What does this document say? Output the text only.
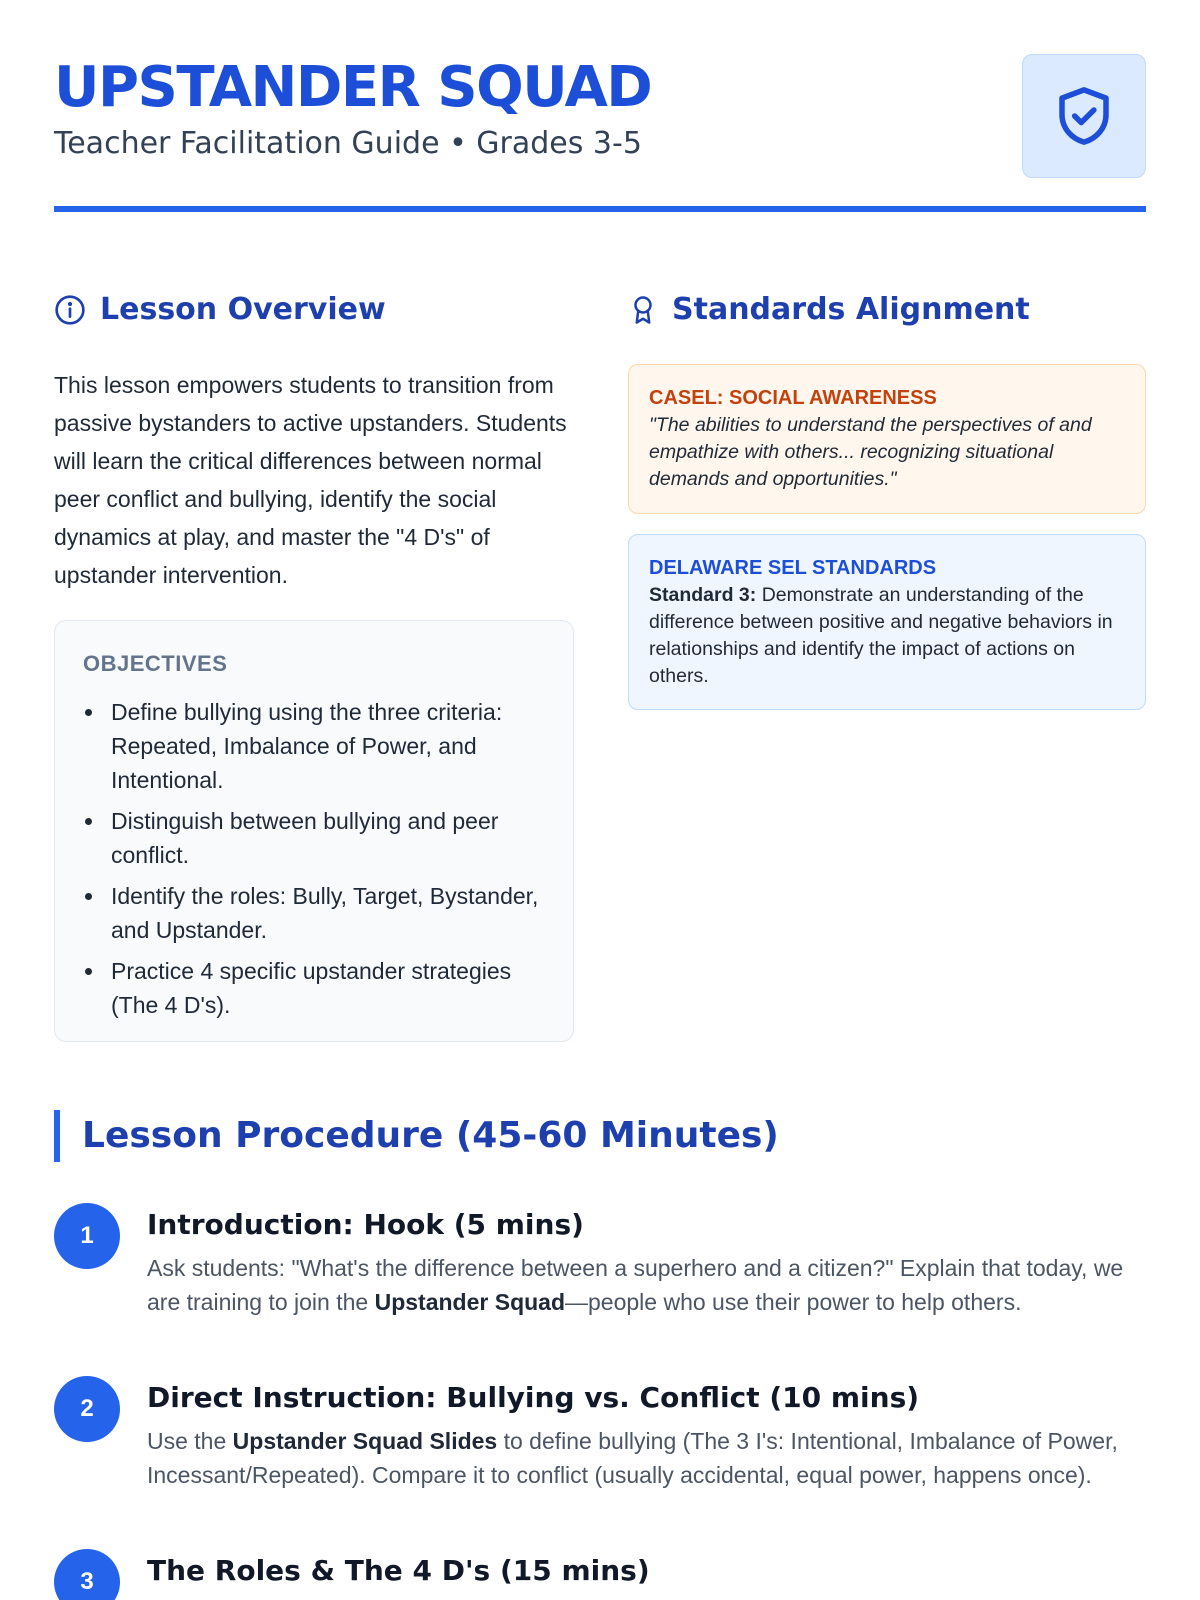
UPSTANDER SQUAD
Teacher Facilitation Guide • Grades 3-5
Lesson Overview
This lesson empowers students to transition from passive bystanders to active upstanders. Students will learn the critical differences between normal peer conflict and bullying, identify the social dynamics at play, and master the "4 D's" of upstander intervention.
OBJECTIVES
Define bullying using the three criteria: Repeated, Imbalance of Power, and Intentional.
Distinguish between bullying and peer conflict.
Identify the roles: Bully, Target, Bystander, and Upstander.
Practice 4 specific upstander strategies (The 4 D's).
Standards Alignment
CASEL: SOCIAL AWARENESS
"The abilities to understand the perspectives of and empathize with others... recognizing situational demands and opportunities."
DELAWARE SEL STANDARDS
Standard 3: Demonstrate an understanding of the difference between positive and negative behaviors in relationships and identify the impact of actions on others.
Lesson Procedure (45-60 Minutes)
1	Introduction: Hook (5 mins)
Ask students: "What's the difference between a superhero and a citizen?" Explain that today, we are training to join the Upstander Squad—people who use their power to help others.
2	Direct Instruction: Bullying vs. Conflict (10 mins)
Use the Upstander Squad Slides to define bullying (The 3 I's: Intentional, Imbalance of Power, Incessant/Repeated). Compare it to conflict (usually accidental, equal power, happens once).
3	The Roles & The 4 D's (15 mins)
